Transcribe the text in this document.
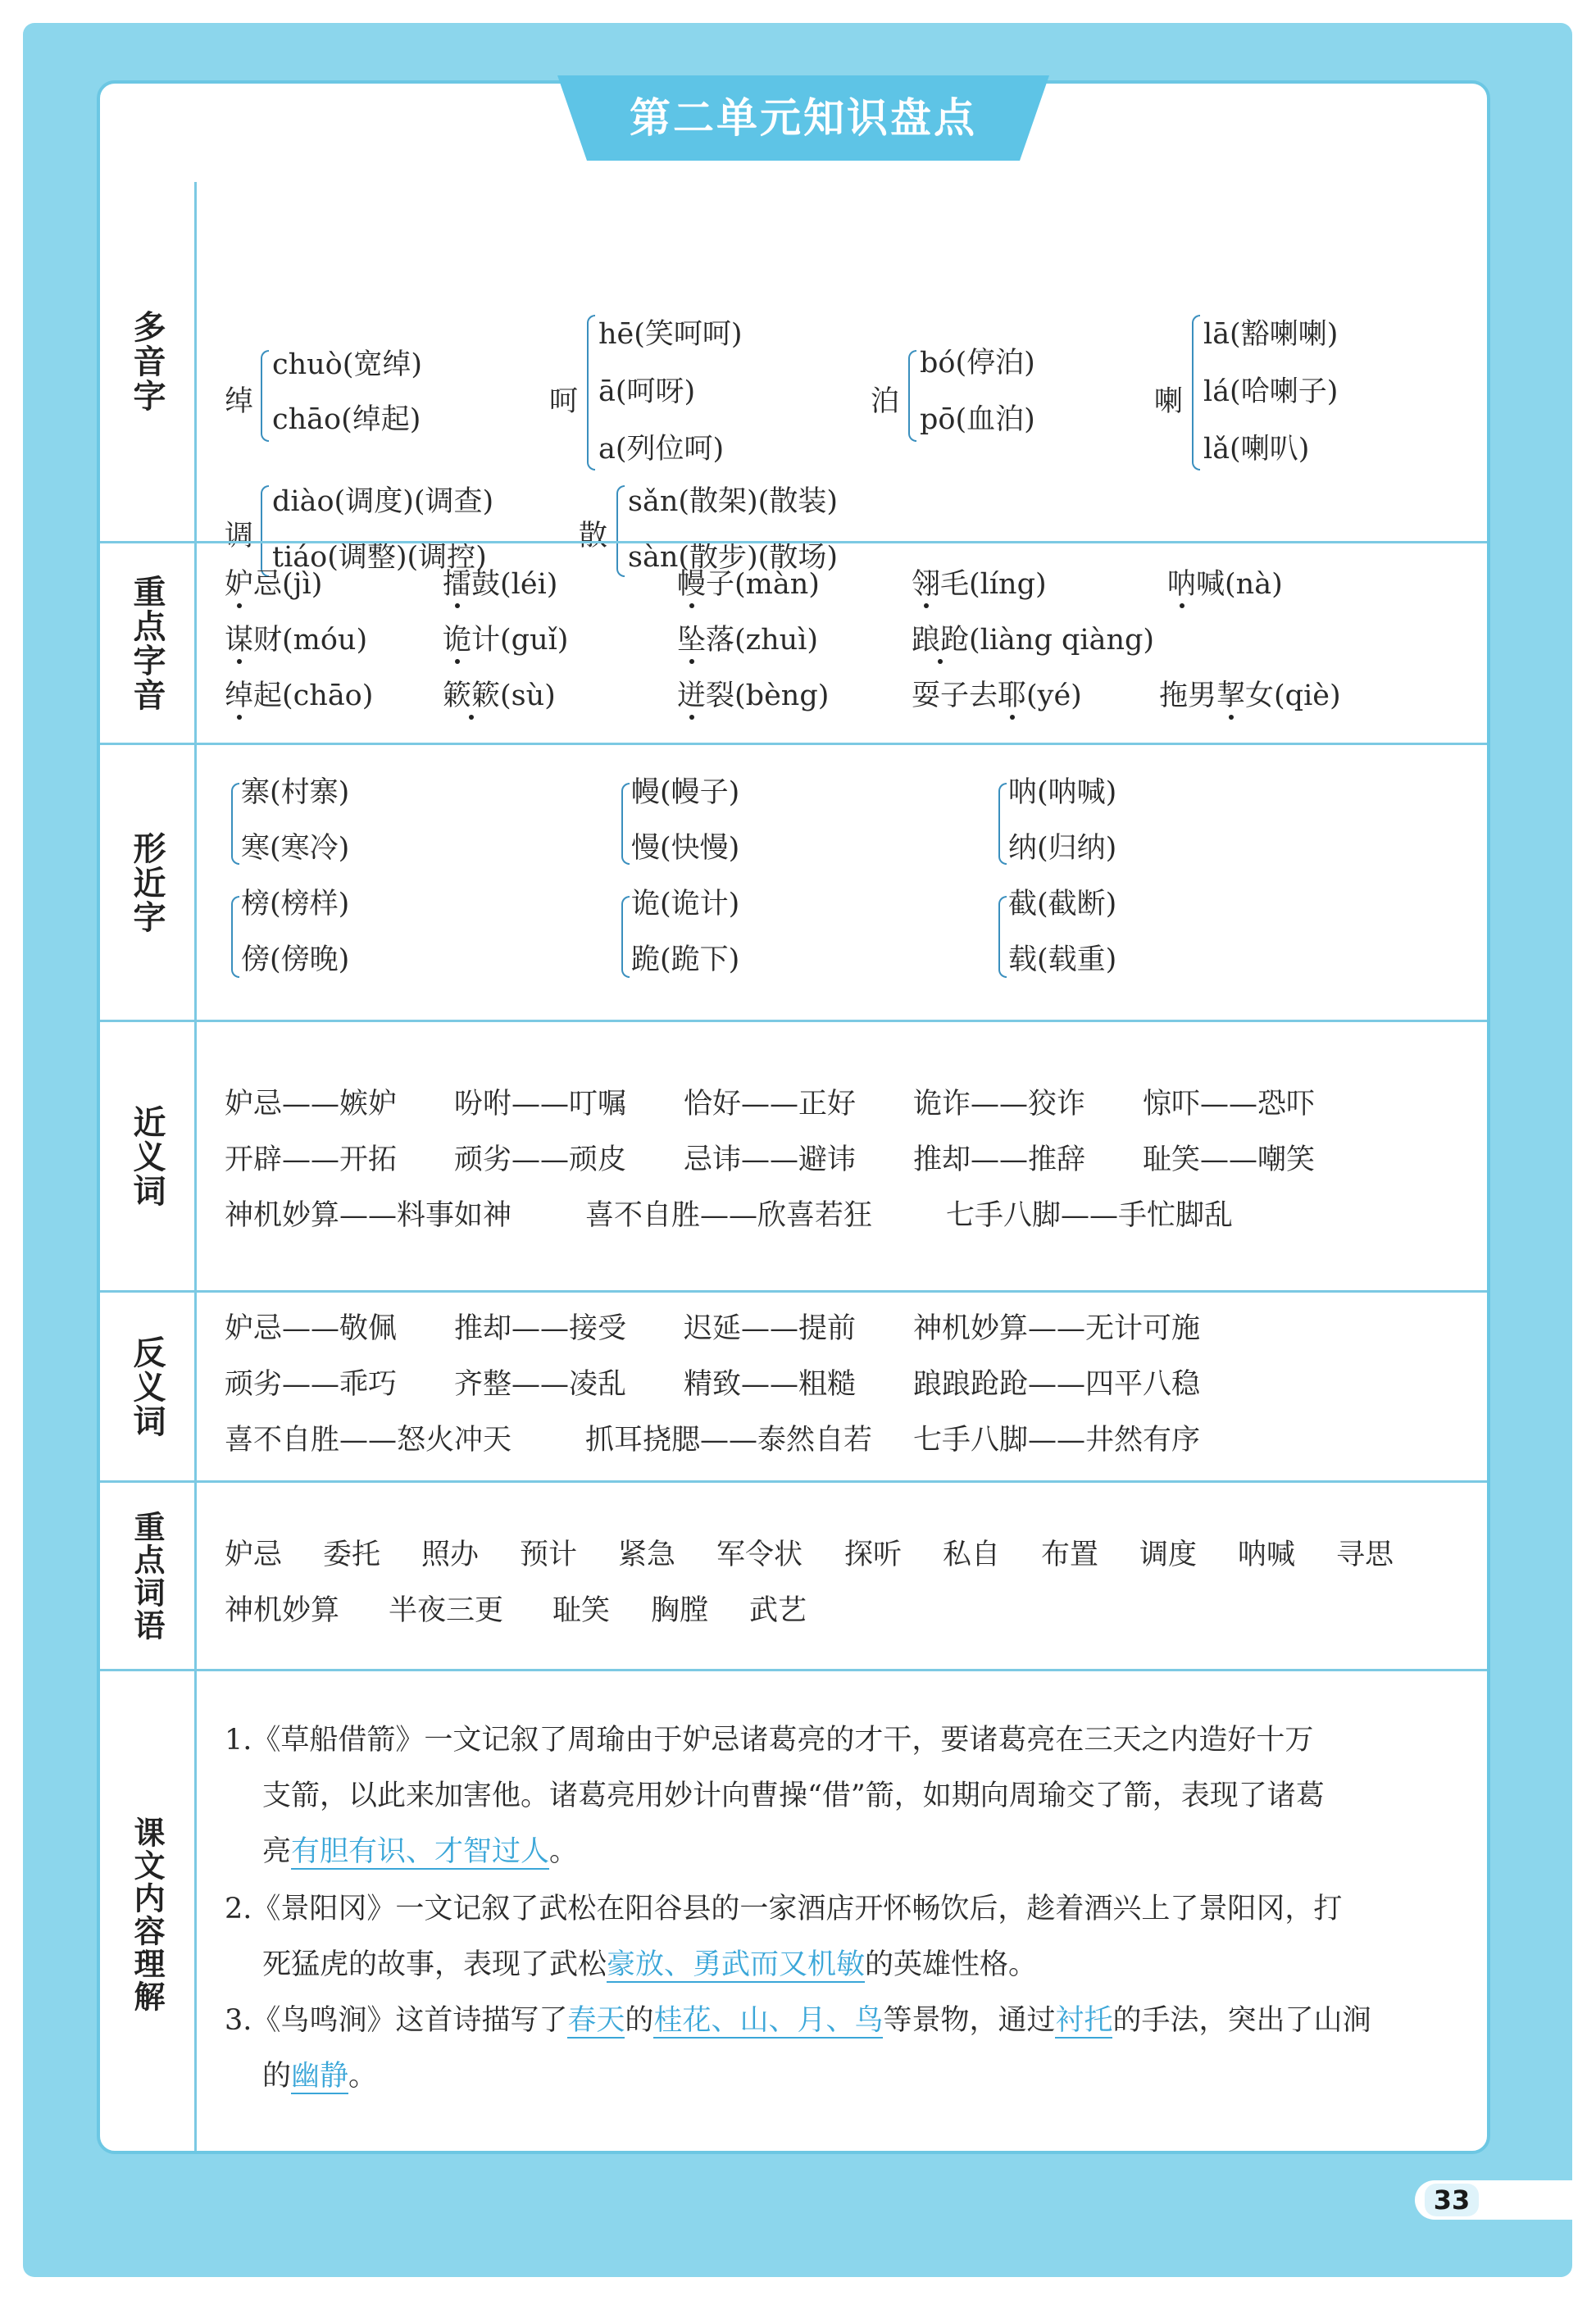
多音字 绰
chuò(宽绰)
chāo(绰起)
呵
hē(笑呵呵)
ā(呵呀)
a(列位呵)
泊
bó(停泊)
pō(血泊)
喇
lā(豁喇喇)
lá(哈喇子)
lǎ(喇叭)
调
diào(调度)(调查)
tiáo(调整)(调控)
散
sǎn(散架)(散装)
sàn(散步)(散场)
重点字音 妒忌(jì)	擂鼓(léi)	幔子(màn)	翎毛(líng)	呐喊(nà)
谋财(móu)	诡计(guǐ)	坠落(zhuì)	踉跄(liàng qiàng)
绰起(chāo) 簌簌(sù)	迸裂(bèng)	耍子去耶(yé)	拖男挈女(qiè)
形近字
寨(村寨)
寒(寒冷)
榜(榜样)
傍(傍晚)
幔(幔子)
慢(快慢)
诡(诡计)
跪(跪下)
呐(呐喊)
纳(归纳)
截(截断)
载(载重)
近义词
妒忌——嫉妒 吩咐——叮嘱 恰好——正好 诡诈——狡诈 惊吓——恐吓
开辟——开拓 顽劣——顽皮 忌讳——避讳 推却——推辞 耻笑——嘲笑
神机妙算——料事如神	喜不自胜——欣喜若狂	七手八脚——手忙脚乱
反义词
妒忌——敬佩 推却——接受 迟延——提前 神机妙算——无计可施
顽劣——乖巧 齐整——凌乱 精致——粗糙 踉踉跄跄——四平八稳
喜不自胜——怒火冲天	抓耳挠腮——泰然自若 七手八脚——井然有序
重点词语 妒忌 委托 照办 预计 紧急 军令状 探听 私自 布置 调度 呐喊 寻思
神机妙算 半夜三更 耻笑 胸膛 武艺
课文内容理解
1.《草船借箭》一文记叙了周瑜由于妒忌诸葛亮的才干，要诸葛亮在三天之内造好十万
支箭，以此来加害他。诸葛亮用妙计向曹操“借”箭，如期向周瑜交了箭，表现了诸葛
亮有胆有识、才智过人。
2.《景阳冈》一文记叙了武松在阳谷县的一家酒店开怀畅饮后，趁着酒兴上了景阳冈，打
死猛虎的故事，表现了武松豪放、勇武而又机敏的英雄性格。
3.《鸟鸣涧》这首诗描写了春天的桂花、山、月、鸟等景物，通过衬托的手法，突出了山涧
的幽静。
第二单元知识盘点
33
